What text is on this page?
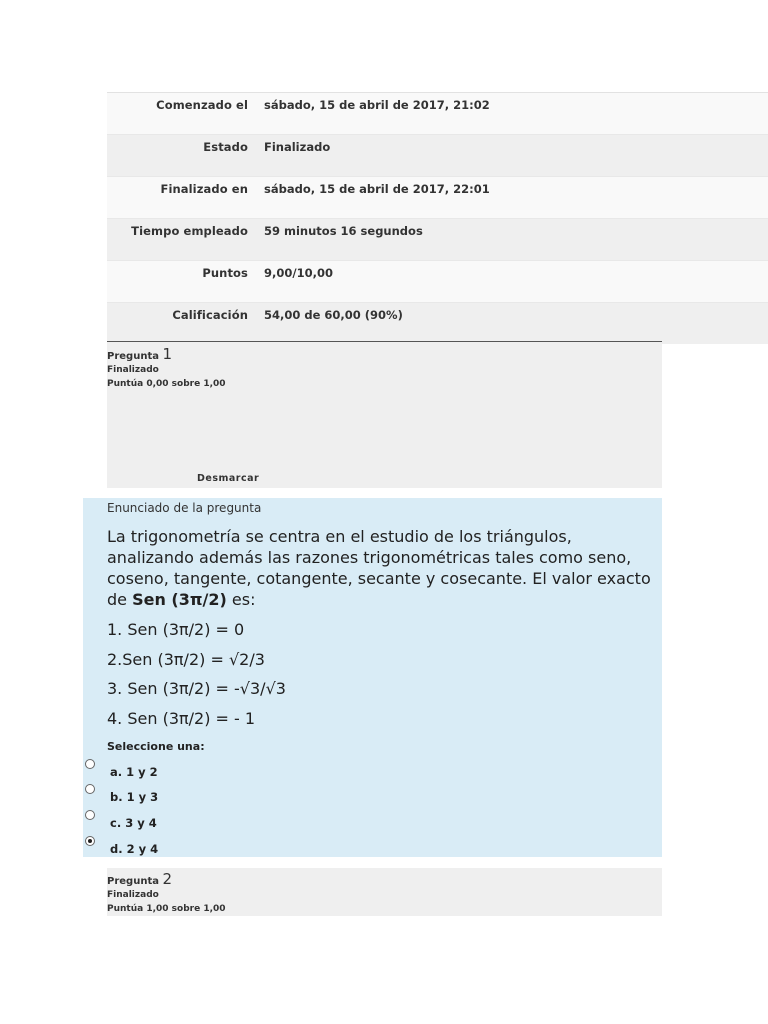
Comenzado el	sábado, 15 de abril de 2017, 21:02
Estado	Finalizado
Finalizado en	sábado, 15 de abril de 2017, 22:01
Tiempo empleado	59 minutos 16 segundos
Puntos	9,00/10,00
Calificación	54,00 de 60,00 (90%)
Pregunta 1
Finalizado
Puntúa 0,00 sobre 1,00
Desmarcar
Enunciado de la pregunta
La trigonometría se centra en el estudio de los triángulos, analizando además las razones trigonométricas tales como seno, coseno, tangente, cotangente, secante y cosecante. El valor exacto de Sen (3π/2) es:
1. Sen (3π/2) = 0
2.Sen (3π/2) = √2/3
3. Sen (3π/2) = -√3/√3
4. Sen (3π/2) = - 1
Seleccione una:
a. 1 y 2
b. 1 y 3
c. 3 y 4
d. 2 y 4
Pregunta 2
Finalizado
Puntúa 1,00 sobre 1,00
